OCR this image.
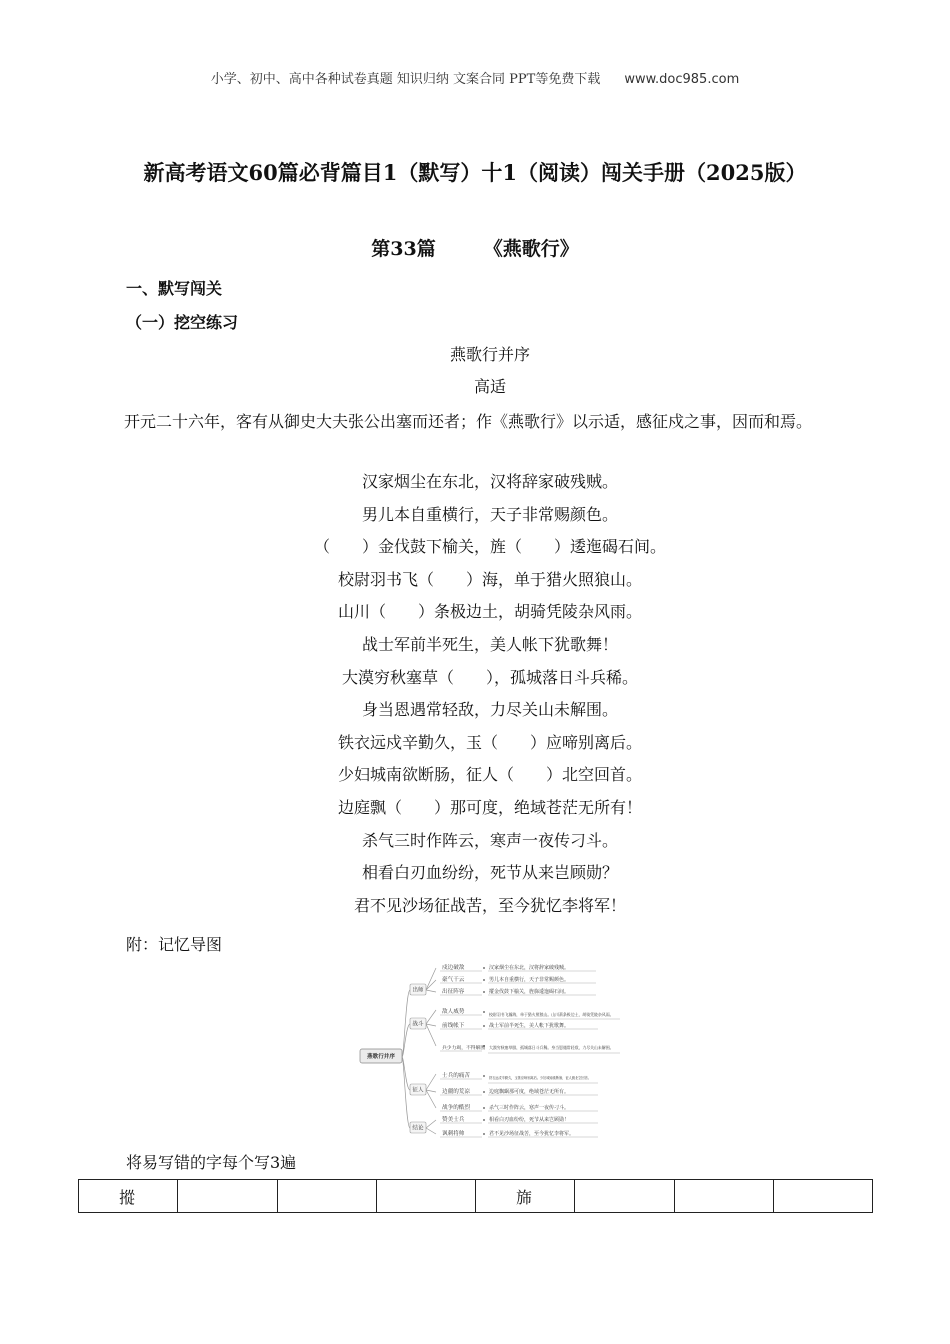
小学、初中、高中各种试卷真题 知识归纳 文案合同 PPT等免费下载 www.doc985.com
新高考语文60篇必背篇目1（默写）十1（阅读）闯关手册（2025版）
第33篇	《燕歌行》
一、默写闯关
（一）挖空练习
燕歌行并序
高适
开元二十六年，客有从御史大夫张公出塞而还者；作《燕歌行》以示适，感征戍之事，因而和焉。
汉家烟尘在东北，汉将辞家破残贼。
男儿本自重横行，天子非常赐颜色。
（　　）金伐鼓下榆关，旌（　　）逶迤碣石间。
校尉羽书飞（　　）海，单于猎火照狼山。
山川（　　）条极边土，胡骑凭陵杂风雨。
战士军前半死生，美人帐下犹歌舞！
大漠穷秋塞草（　　），孤城落日斗兵稀。
身当恩遇常轻敌，力尽关山未解围。
铁衣远戍辛勤久，玉（　　）应啼别离后。
少妇城南欲断肠，征人（　　）北空回首。
边庭飘（　　）那可度，绝域苍茫无所有！
杀气三时作阵云，寒声一夜传刁斗。
相看白刃血纷纷，死节从来岂顾勋？
君不见沙场征战苦，至今犹忆李将军！
附：记忆导图
燕歌行并序
出师
战斗
征人
结论
戍边破敌
豪气干云
出征阵容
敌人威势
前线帐下
兵少力竭，不得解围
士兵的痛苦
边疆的荒凉
战争的酷烈
赞美士兵
讽刺将帅
汉家烟尘在东北，汉将辞家破残贼。
男儿本自重横行，天子非常赐颜色。
摐金伐鼓下榆关，旌旆逶迤碣石间。
校尉羽书飞瀚海，单于猎火照狼山。山川萧条极边土，胡骑凭陵杂风雨。
战士军前半死生，美人帐下犹歌舞。
大漠穷秋塞草腓，孤城落日斗兵稀。身当恩遇常轻敌，力尽关山未解围。
铁衣远戍辛勤久，玉箸应啼别离后。少妇城南欲断肠，征人蓟北空回首。
边庭飘飖那可度，绝域苍茫无所有。
杀气三时作阵云，寒声一夜传刁斗。
相看白刃血纷纷，死节从来岂顾勋！
君不见沙场征战苦，至今犹忆李将军。
将易写错的字每个写3遍
摐				旆			
